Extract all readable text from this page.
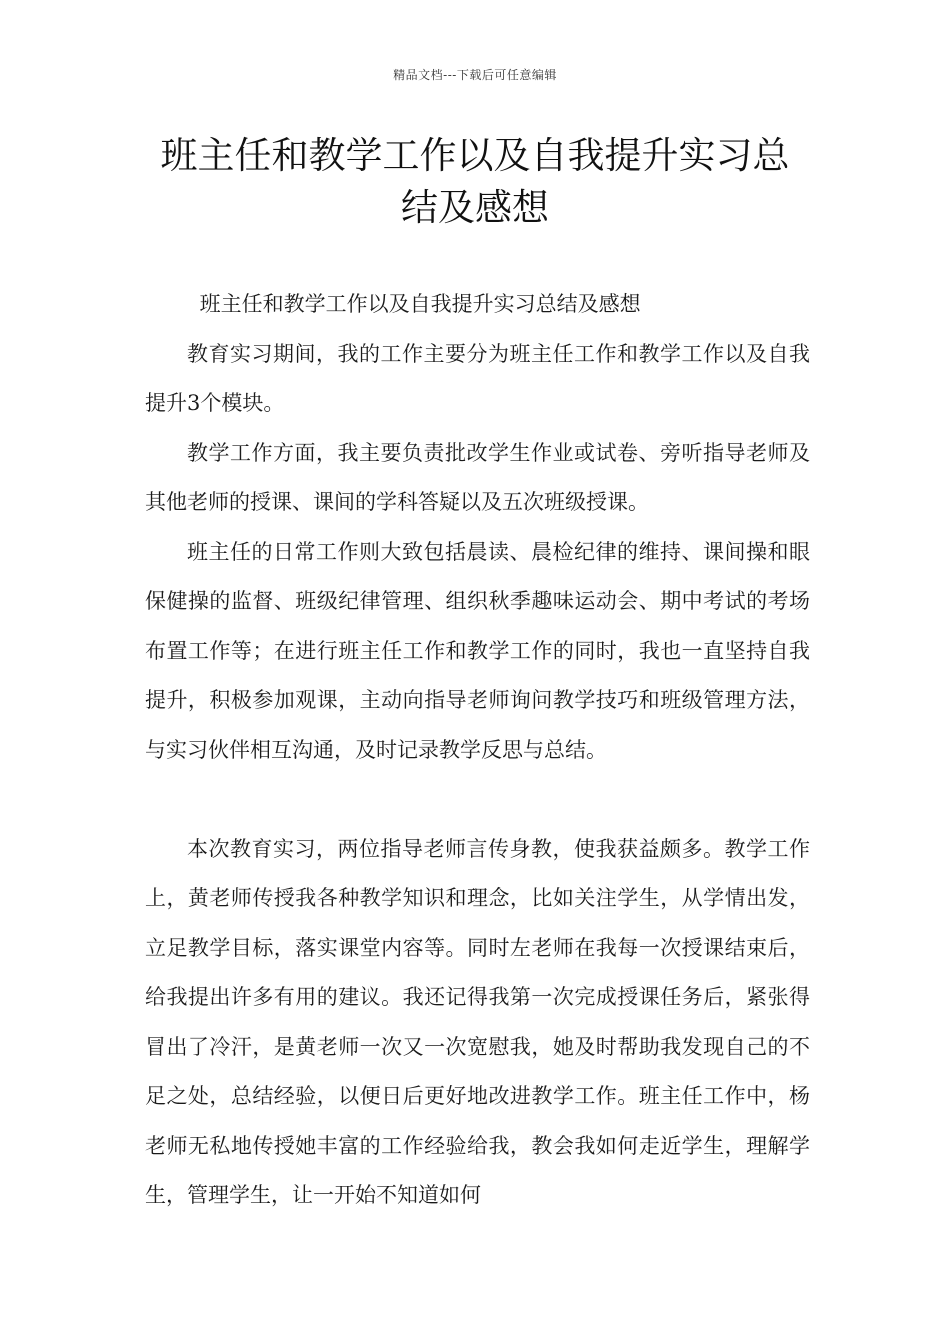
精品文档---下载后可任意编辑
班主任和教学工作以及自我提升实习总
结及感想

班主任和教学工作以及自我提升实习总结及感想

教育实习期间，我的工作主要分为班主任工作和教学工作以及自我提升3个模块。

教学工作方面，我主要负责批改学生作业或试卷、旁听指导老师及其他老师的授课、课间的学科答疑以及五次班级授课。

班主任的日常工作则大致包括晨读、晨检纪律的维持、课间操和眼保健操的监督、班级纪律管理、组织秋季趣味运动会、期中考试的考场布置工作等；在进行班主任工作和教学工作的同时，我也一直坚持自我提升，积极参加观课，主动向指导老师询问教学技巧和班级管理方法，与实习伙伴相互沟通，及时记录教学反思与总结。

本次教育实习，两位指导老师言传身教，使我获益颇多。教学工作上，黄老师传授我各种教学知识和理念，比如关注学生，从学情出发，立足教学目标，落实课堂内容等。同时左老师在我每一次授课结束后，给我提出许多有用的建议。我还记得我第一次完成授课任务后，紧张得冒出了冷汗，是黄老师一次又一次宽慰我，她及时帮助我发现自己的不足之处，总结经验，以便日后更好地改进教学工作。班主任工作中，杨老师无私地传授她丰富的工作经验给我，教会我如何走近学生，理解学生，管理学生，让一开始不知道如何
